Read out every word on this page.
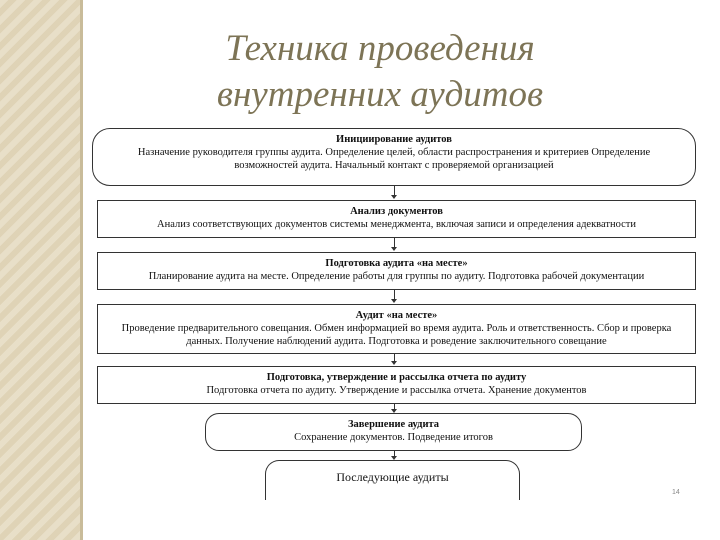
Техника проведения
внутренних аудитов
Инициирование аудитов
Назначение руководителя группы аудита. Определение целей, области распространения и критериев Определение возможностей аудита. Начальный контакт с проверяемой организацией
Анализ документов
Анализ соответствующих документов системы менеджмента, включая записи и определения адекватности
Подготовка аудита «на месте»
Планирование аудита на месте. Определение работы для группы по аудиту. Подготовка рабочей документации
Аудит «на месте»
Проведение предварительного совещания. Обмен информацией во время аудита. Роль и ответственность. Сбор и проверка данных. Получение наблюдений аудита. Подготовка и роведение заключительного совещание
Подготовка, утверждение и рассылка отчета по аудиту
Подготовка отчета по аудиту. Утверждение и рассылка отчета. Хранение документов
Завершение аудита
Сохранение документов. Подведение итогов
Последующие аудиты
14
